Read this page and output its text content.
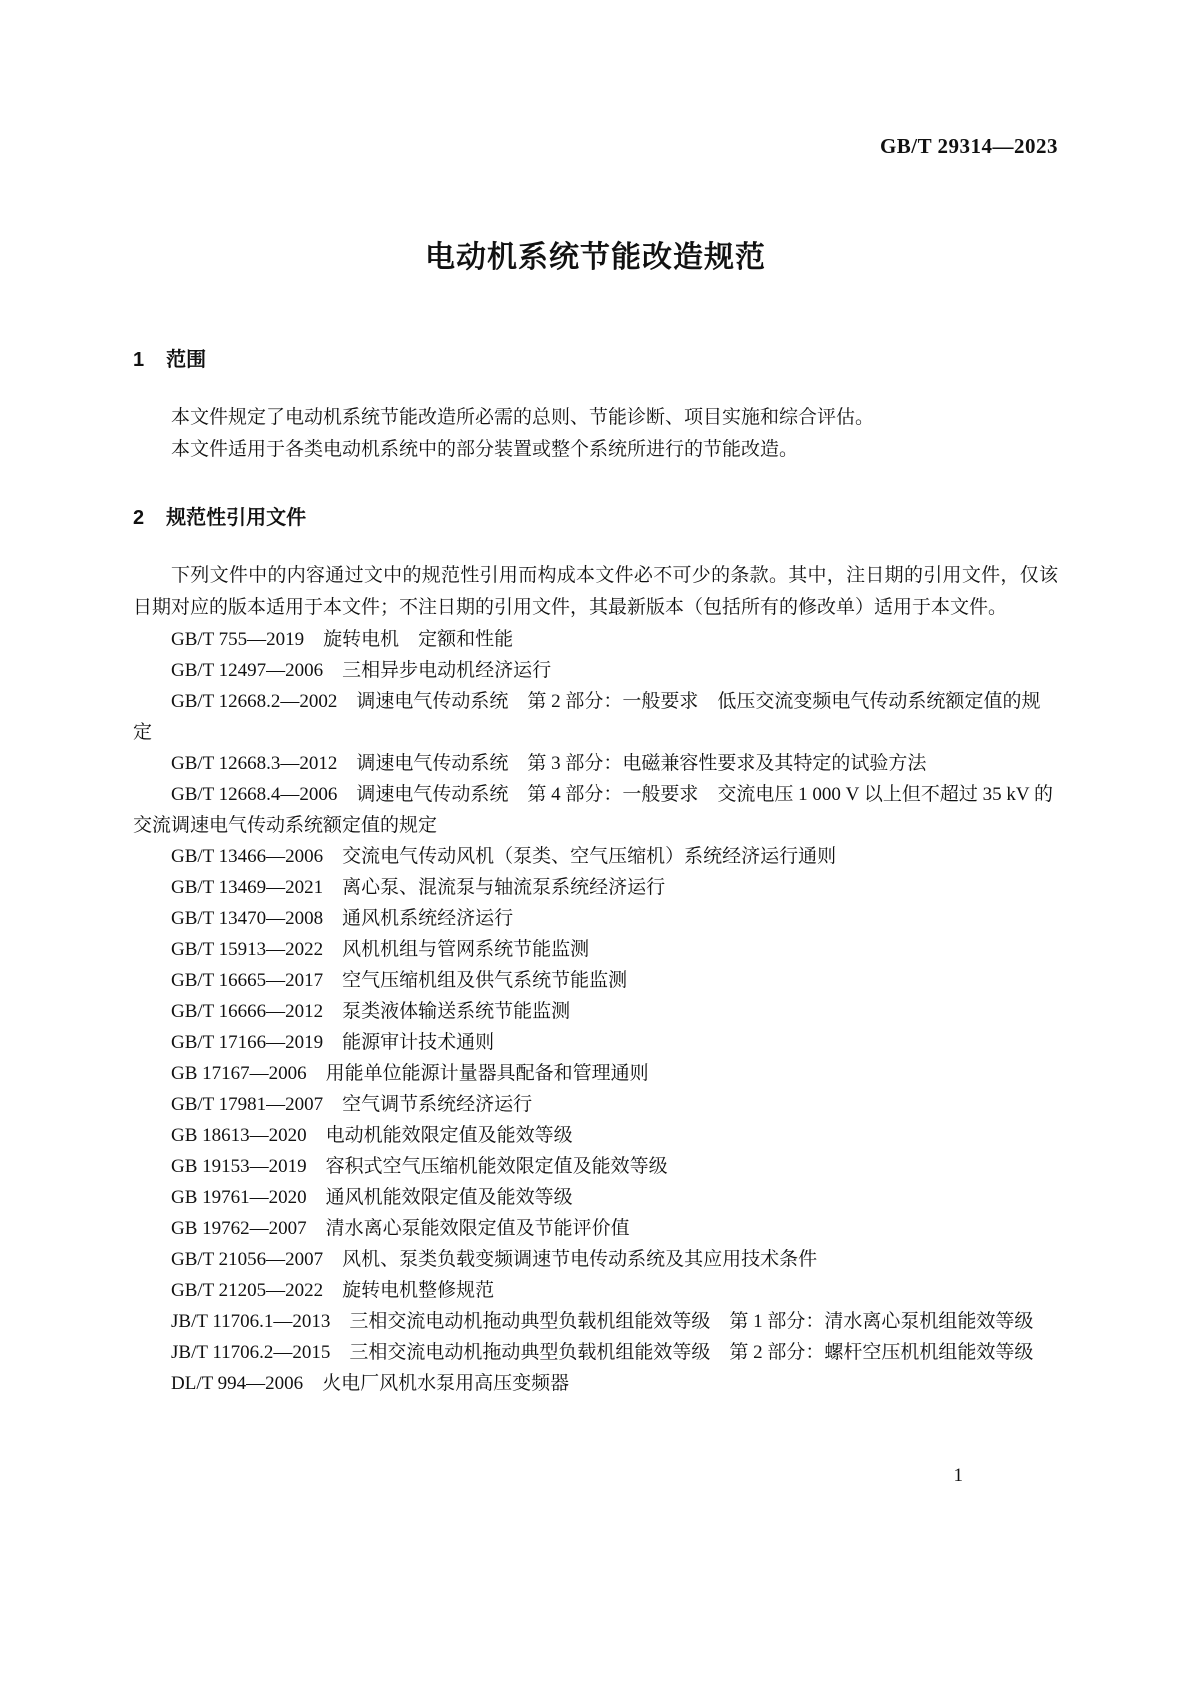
GB/T 29314—2023
电动机系统节能改造规范
1 范围

本文件规定了电动机系统节能改造所必需的总则、节能诊断、项目实施和综合评估。

本文件适用于各类电动机系统中的部分装置或整个系统所进行的节能改造。

2 规范性引用文件

下列文件中的内容通过文中的规范性引用而构成本文件必不可少的条款。其中，注日期的引用文件，仅该日期对应的版本适用于本文件；不注日期的引用文件，其最新版本（包括所有的修改单）适用于本文件。

GB/T 755—2019　旋转电机　定额和性能

GB/T 12497—2006　三相异步电动机经济运行

GB/T 12668.2—2002　调速电气传动系统　第 2 部分：一般要求　低压交流变频电气传动系统额定值的规定

GB/T 12668.3—2012　调速电气传动系统　第 3 部分：电磁兼容性要求及其特定的试验方法

GB/T 12668.4—2006　调速电气传动系统　第 4 部分：一般要求　交流电压 1 000 V 以上但不超过 35 kV 的交流调速电气传动系统额定值的规定

GB/T 13466—2006　交流电气传动风机（泵类、空气压缩机）系统经济运行通则

GB/T 13469—2021　离心泵、混流泵与轴流泵系统经济运行

GB/T 13470—2008　通风机系统经济运行

GB/T 15913—2022　风机机组与管网系统节能监测

GB/T 16665—2017　空气压缩机组及供气系统节能监测

GB/T 16666—2012　泵类液体输送系统节能监测

GB/T 17166—2019　能源审计技术通则

GB 17167—2006　用能单位能源计量器具配备和管理通则

GB/T 17981—2007　空气调节系统经济运行

GB 18613—2020　电动机能效限定值及能效等级

GB 19153—2019　容积式空气压缩机能效限定值及能效等级

GB 19761—2020　通风机能效限定值及能效等级

GB 19762—2007　清水离心泵能效限定值及节能评价值

GB/T 21056—2007　风机、泵类负载变频调速节电传动系统及其应用技术条件

GB/T 21205—2022　旋转电机整修规范

JB/T 11706.1—2013　三相交流电动机拖动典型负载机组能效等级　第 1 部分：清水离心泵机组能效等级

JB/T 11706.2—2015　三相交流电动机拖动典型负载机组能效等级　第 2 部分：螺杆空压机机组能效等级

DL/T 994—2006　火电厂风机水泵用高压变频器

1
